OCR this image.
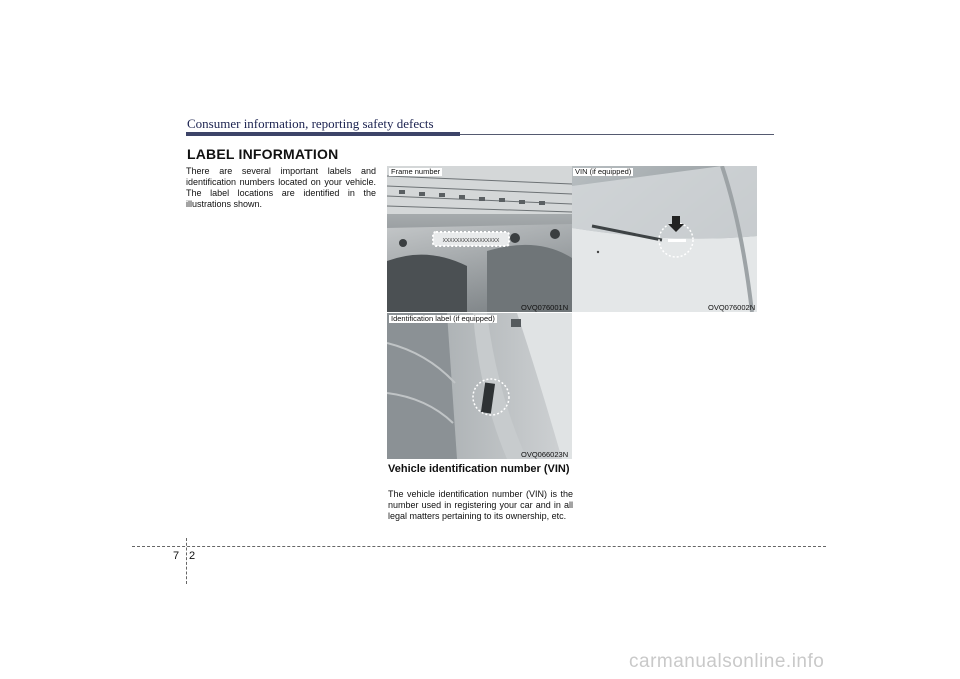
Consumer information, reporting safety defects
LABEL INFORMATION
There are several important labels and identification numbers located on your vehicle. The label locations are identified in the illustrations shown.
XXXXXXXXXXXXXXXXX
Frame number
OVQ076001N
VIN (if equipped)
OVQ076002N
Identification label (if equipped)
OVQ066023N
Vehicle identification number (VIN)
The vehicle identification number (VIN) is the number used in registering your car and in all legal matters pertaining to its ownership, etc.
7 2
carmanualsonline.info
